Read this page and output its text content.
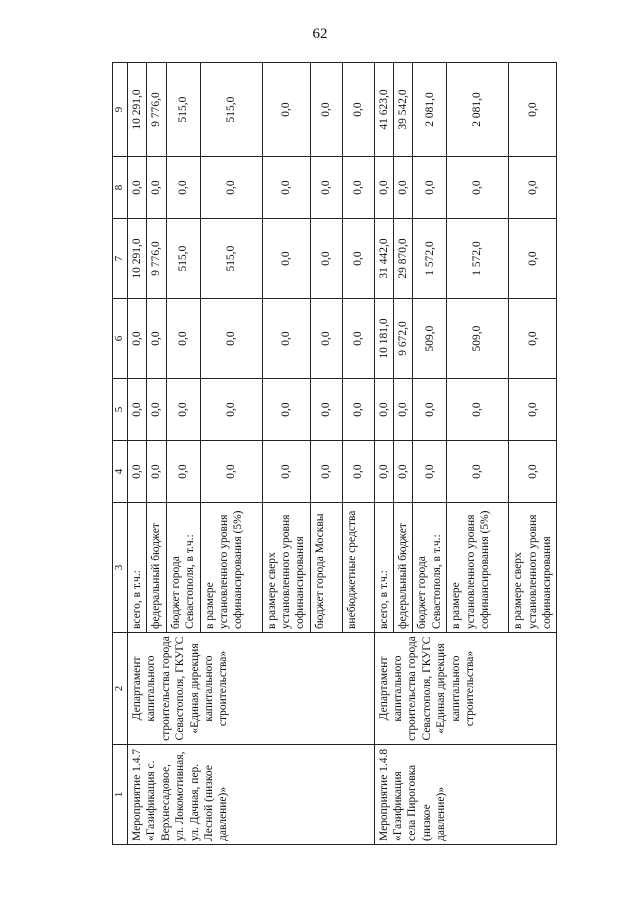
62
1	2	3	4	5	6	7	8	9
Мероприятие 1.4.7 «Газификация с. Верхнесадовое, ул. Локомотивная, ул. Дачная, пер. Лесной (низкое давление)»	Департамент капитального строительства города Севастополя, ГКУГС «Единая дирекция капитального строительства»	всего, в т.ч.:	0,0	0,0	0,0	10 291,0	0,0	10 291,0
		федеральный бюджет	0,0	0,0	0,0	9 776,0	0,0	9 776,0
		бюджет города Севастополя, в т.ч.:	0,0	0,0	0,0	515,0	0,0	515,0
		в размере установленного уровня софинансирования (5%)	0,0	0,0	0,0	515,0	0,0	515,0
		в размере сверх установленного уровня софинансирования	0,0	0,0	0,0	0,0	0,0	0,0
		бюджет города Москвы	0,0	0,0	0,0	0,0	0,0	0,0
		внебюджетные средства	0,0	0,0	0,0	0,0	0,0	0,0
Мероприятие 1.4.8 «Газификация села Пироговка (низкое давление)»	Департамент капитального строительства города Севастополя, ГКУГС «Единая дирекция капитального строительства»	всего, в т.ч.:	0,0	0,0	10 181,0	31 442,0	0,0	41 623,0
		федеральный бюджет	0,0	0,0	9 672,0	29 870,0	0,0	39 542,0
		бюджет города Севастополя, в т.ч.:	0,0	0,0	509,0	1 572,0	0,0	2 081,0
		в размере установленного уровня софинансирования (5%)	0,0	0,0	509,0	1 572,0	0,0	2 081,0
		в размере сверх установленного уровня софинансирования	0,0	0,0	0,0	0,0	0,0	0,0
